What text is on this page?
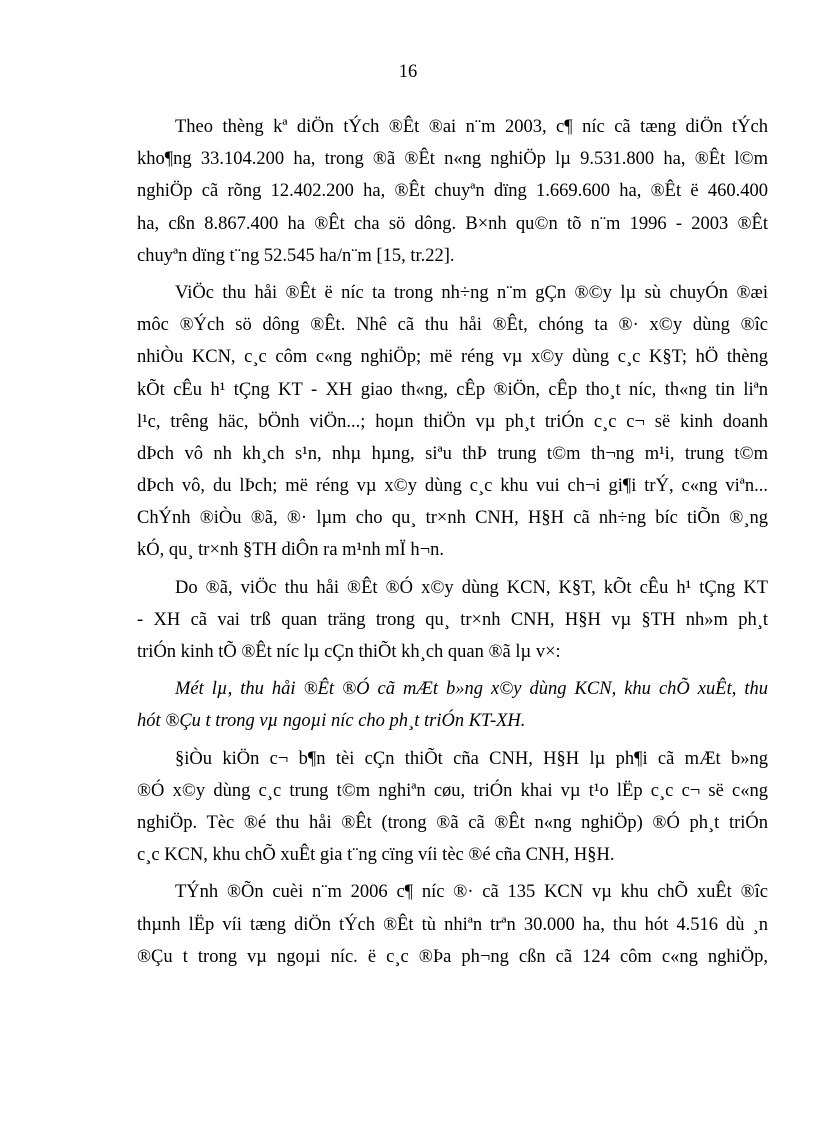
16
Theo thèng kª diÖn tÝch ®Êt ®ai n¨m 2003, c¶ níc cã tæng diÖn tÝch
kho¶ng 33.104.200 ha, trong ®ã ®Êt n«ng nghiÖp lµ 9.531.800 ha, ®Êt l©m
nghiÖp cã rõng 12.402.200 ha, ®Êt chuyªn dïng 1.669.600 ha, ®Êt ë 460.400
ha, cßn 8.867.400 ha ®Êt cha sö dông. B×nh qu©n tõ n¨m 1996 - 2003 ®Êt
chuyªn dïng t¨ng 52.545 ha/n¨m [15, tr.22].
ViÖc thu håi ®Êt ë níc ta trong nh÷ng n¨m gÇn ®©y lµ sù chuyÓn ®æi
môc ®Ých sö dông ®Êt. Nhê cã thu håi ®Êt, chóng ta ®· x©y dùng ®îc
nhiÒu KCN, c¸c côm c«ng nghiÖp; më réng vµ x©y dùng c¸c K§T; hÖ thèng
kÕt cÊu h¹ tÇng KT - XH giao th«ng, cÊp ®iÖn, cÊp tho¸t níc, th«ng tin liªn
l¹c, trêng häc, bÖnh viÖn...; hoµn thiÖn vµ ph¸t triÓn c¸c c¬ së kinh doanh
dÞch vô nh kh¸ch s¹n, nhµ hµng, siªu thÞ trung t©m th¬ng m¹i, trung t©m
dÞch vô, du lÞch; më réng vµ x©y dùng c¸c khu vui ch¬i gi¶i trÝ, c«ng viªn...
ChÝnh ®iÒu ®ã, ®· lµm cho qu¸ tr×nh CNH, H§H cã nh÷ng bíc tiÕn ®¸ng
kÓ, qu¸ tr×nh §TH diÔn ra m¹nh mÏ h¬n.
Do ®ã, viÖc thu håi ®Êt ®Ó x©y dùng KCN, K§T, kÕt cÊu h¹ tÇng KT
- XH cã vai trß quan träng trong qu¸ tr×nh CNH, H§H vµ §TH nh»m ph¸t
triÓn kinh tÕ ®Êt níc lµ cÇn thiÕt kh¸ch quan ®ã lµ v×:
Mét lµ, thu håi ®Êt ®Ó cã mÆt b»ng x©y dùng KCN, khu chÕ xuÊt, thu
hót ®Çu t trong vµ ngoµi níc cho ph¸t triÓn KT-XH.
§iÒu kiÖn c¬ b¶n tèi cÇn thiÕt cña CNH, H§H lµ ph¶i cã mÆt b»ng
®Ó x©y dùng c¸c trung t©m nghiªn cøu, triÓn khai vµ t¹o lËp c¸c c¬ së c«ng
nghiÖp. Tèc ®é thu håi ®Êt (trong ®ã cã ®Êt n«ng nghiÖp) ®Ó ph¸t triÓn
c¸c KCN, khu chÕ xuÊt gia t¨ng cïng víi tèc ®é cña CNH, H§H.
TÝnh ®Õn cuèi n¨m 2006 c¶ níc ®· cã 135 KCN vµ khu chÕ xuÊt ®îc
thµnh lËp víi tæng diÖn tÝch ®Êt tù nhiªn trªn 30.000 ha, thu hót 4.516 dù ¸n
®Çu t trong vµ ngoµi níc. ë c¸c ®Þa ph¬ng cßn cã 124 côm c«ng nghiÖp,
